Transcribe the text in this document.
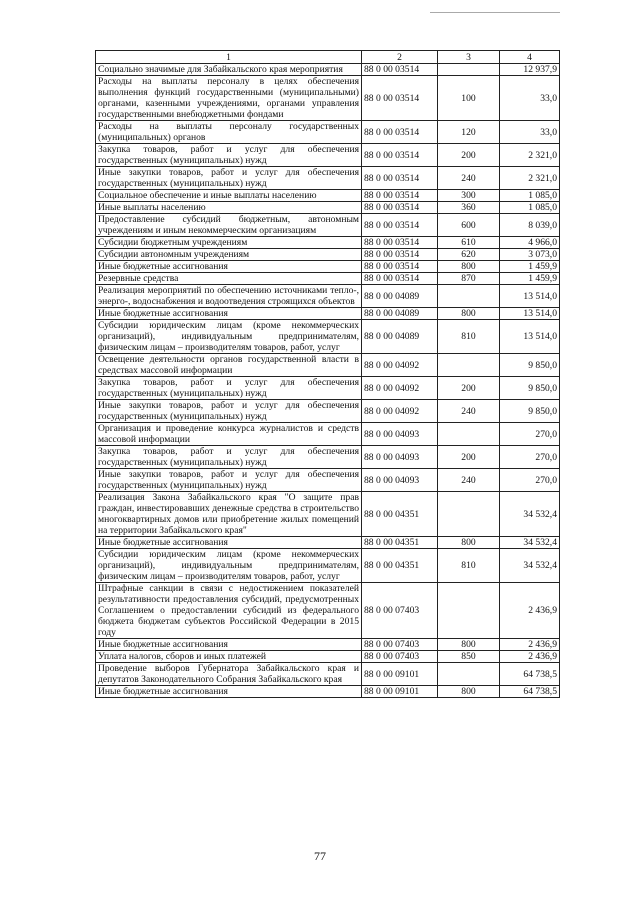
1	2	3	4
Социально значимые для Забайкальского края мероприятия	88 0 00 03514		12 937,9
Расходы на выплаты персоналу в целях обеспечения выполнения функций государственными (муниципальными) органами, казенными учреждениями, органами управления государственными внебюджетными фондами	88 0 00 03514	100	33,0
Расходы на выплаты персоналу государственных (муниципальных) органов	88 0 00 03514	120	33,0
Закупка товаров, работ и услуг для обеспечения государственных (муниципальных) нужд	88 0 00 03514	200	2 321,0
Иные закупки товаров, работ и услуг для обеспечения государственных (муниципальных) нужд	88 0 00 03514	240	2 321,0
Социальное обеспечение и иные выплаты населению	88 0 00 03514	300	1 085,0
Иные выплаты населению	88 0 00 03514	360	1 085,0
Предоставление субсидий бюджетным, автономным учреждениям и иным некоммерческим организациям	88 0 00 03514	600	8 039,0
Субсидии бюджетным учреждениям	88 0 00 03514	610	4 966,0
Субсидии автономным учреждениям	88 0 00 03514	620	3 073,0
Иные бюджетные ассигнования	88 0 00 03514	800	1 459,9
Резервные средства	88 0 00 03514	870	1 459,9
Реализация мероприятий по обеспечению источниками тепло-, энерго-, водоснабжения и водоотведения строящихся объектов	88 0 00 04089		13 514,0
Иные бюджетные ассигнования	88 0 00 04089	800	13 514,0
Субсидии юридическим лицам (кроме некоммерческих организаций), индивидуальным предпринимателям, физическим лицам – производителям товаров, работ, услуг	88 0 00 04089	810	13 514,0
Освещение деятельности органов государственной власти в средствах массовой информации	88 0 00 04092		9 850,0
Закупка товаров, работ и услуг для обеспечения государственных (муниципальных) нужд	88 0 00 04092	200	9 850,0
Иные закупки товаров, работ и услуг для обеспечения государственных (муниципальных) нужд	88 0 00 04092	240	9 850,0
Организация и проведение конкурса журналистов и средств массовой информации	88 0 00 04093		270,0
Закупка товаров, работ и услуг для обеспечения государственных (муниципальных) нужд	88 0 00 04093	200	270,0
Иные закупки товаров, работ и услуг для обеспечения государственных (муниципальных) нужд	88 0 00 04093	240	270,0
Реализация Закона Забайкальского края "О защите прав граждан, инвестировавших денежные средства в строительство многоквартирных домов или приобретение жилых помещений на территории Забайкальского края"	88 0 00 04351		34 532,4
Иные бюджетные ассигнования	88 0 00 04351	800	34 532,4
Субсидии юридическим лицам (кроме некоммерческих организаций), индивидуальным предпринимателям, физическим лицам – производителям товаров, работ, услуг	88 0 00 04351	810	34 532,4
Штрафные санкции в связи с недостижением показателей результативности предоставления субсидий, предусмотренных Соглашением о предоставлении субсидий из федерального бюджета бюджетам субъектов Российской Федерации в 2015 году	88 0 00 07403		2 436,9
Иные бюджетные ассигнования	88 0 00 07403	800	2 436,9
Уплата налогов, сборов и иных платежей	88 0 00 07403	850	2 436,9
Проведение выборов Губернатора Забайкальского края и депутатов Законодательного Собрания Забайкальского края	88 0 00 09101		64 738,5
Иные бюджетные ассигнования	88 0 00 09101	800	64 738,5
77
